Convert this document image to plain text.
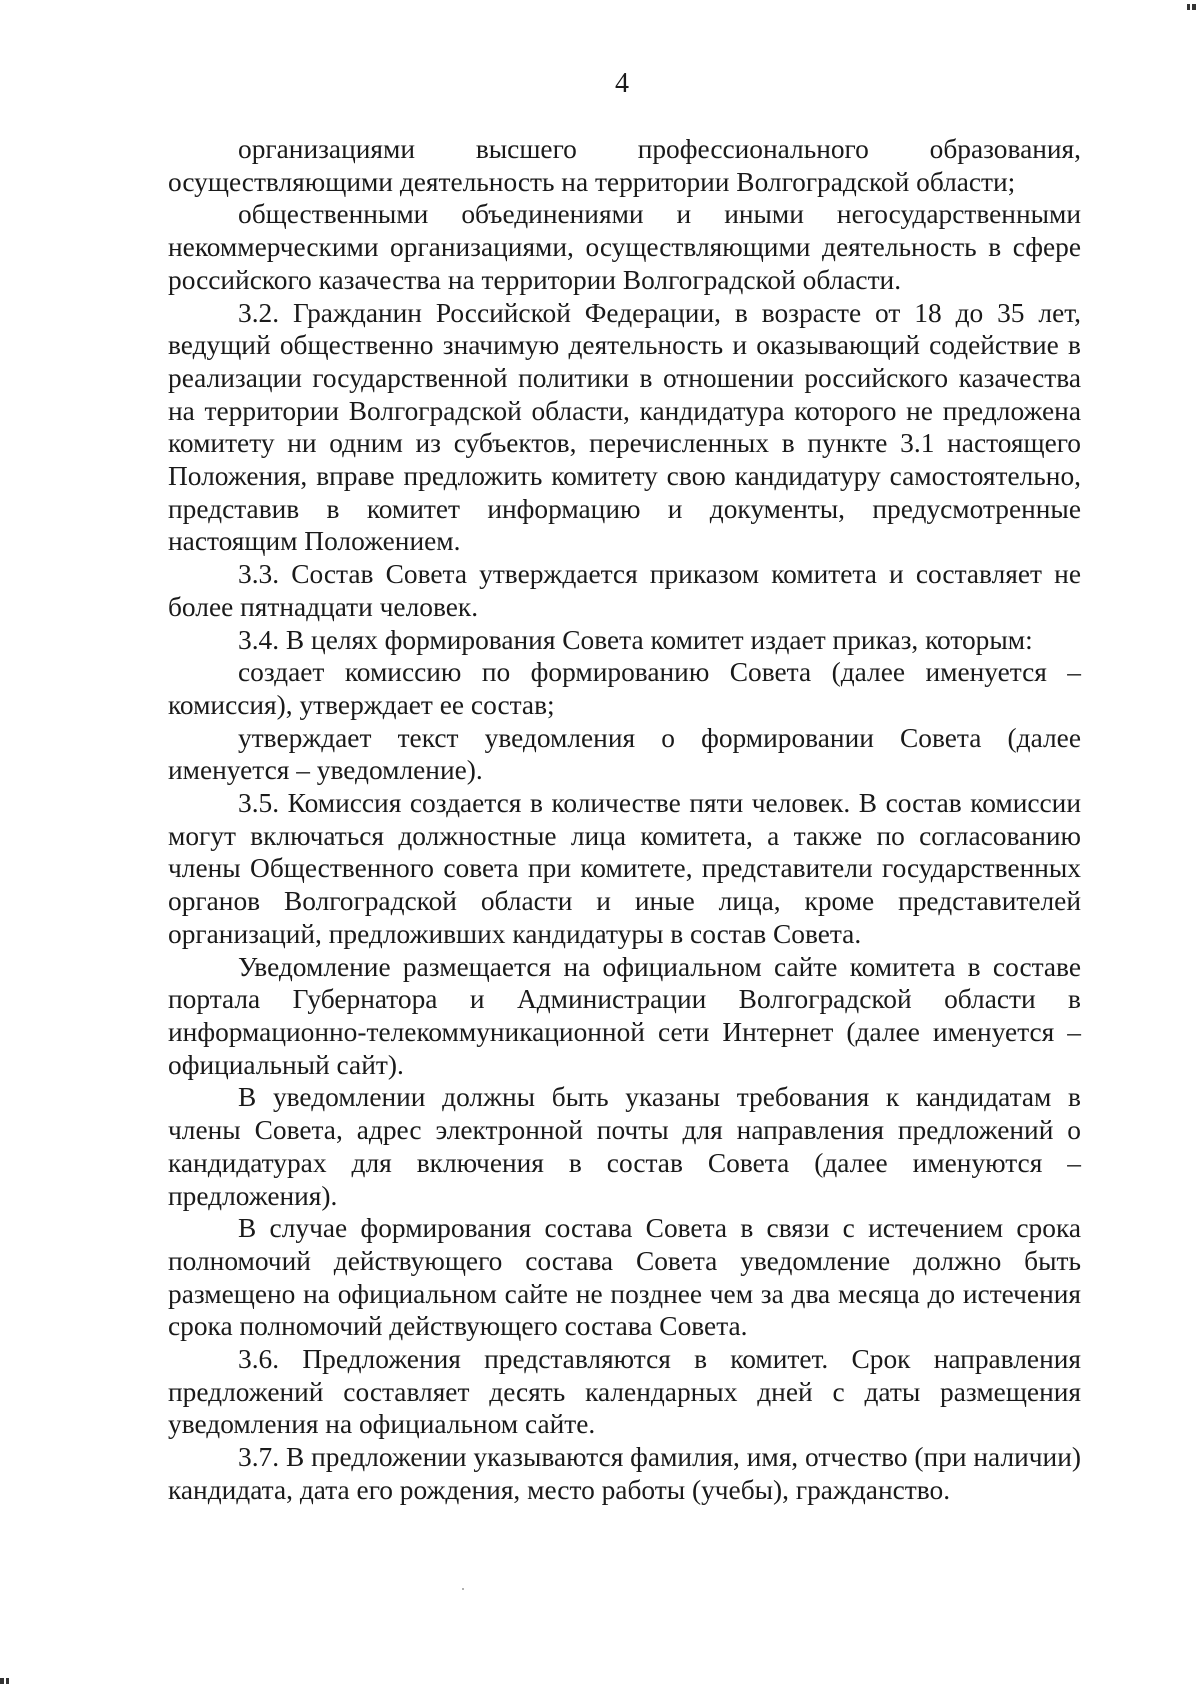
4

организациями высшего профессионального образования, осуществляющими деятельность на территории Волгоградской области;

общественными объединениями и иными негосударственными некоммерческими организациями, осуществляющими деятельность в сфере российского казачества на территории Волгоградской области.

3.2. Гражданин Российской Федерации, в возрасте от 18 до 35 лет, ведущий общественно значимую деятельность и оказывающий содействие в реализации государственной политики в отношении российского казачества на территории Волгоградской области, кандидатура которого не предложена комитету ни одним из субъектов, перечисленных в пункте 3.1 настоящего Положения, вправе предложить комитету свою кандидатуру самостоятельно, представив в комитет информацию и документы, предусмотренные настоящим Положением.

3.3. Состав Совета утверждается приказом комитета и составляет не более пятнадцати человек.

3.4. В целях формирования Совета комитет издает приказ, которым:

создает комиссию по формированию Совета (далее именуется – комиссия), утверждает ее состав;

утверждает текст уведомления о формировании Совета (далее именуется – уведомление).

3.5. Комиссия создается в количестве пяти человек. В состав комиссии могут включаться должностные лица комитета, а также по согласованию члены Общественного совета при комитете, представители государственных органов Волгоградской области и иные лица, кроме представителей организаций, предложивших кандидатуры в состав Совета.

Уведомление размещается на официальном сайте комитета в составе портала Губернатора и Администрации Волгоградской области в информационно-телекоммуникационной сети Интернет (далее именуется – официальный сайт).

В уведомлении должны быть указаны требования к кандидатам в члены Совета, адрес электронной почты для направления предложений о кандидатурах для включения в состав Совета (далее именуются – предложения).

В случае формирования состава Совета в связи с истечением срока полномочий действующего состава Совета уведомление должно быть размещено на официальном сайте не позднее чем за два месяца до истечения срока полномочий действующего состава Совета.

3.6. Предложения представляются в комитет. Срок направления предложений составляет десять календарных дней с даты размещения уведомления на официальном сайте.

3.7. В предложении указываются фамилия, имя, отчество (при наличии) кандидата, дата его рождения, место работы (учебы), гражданство.
